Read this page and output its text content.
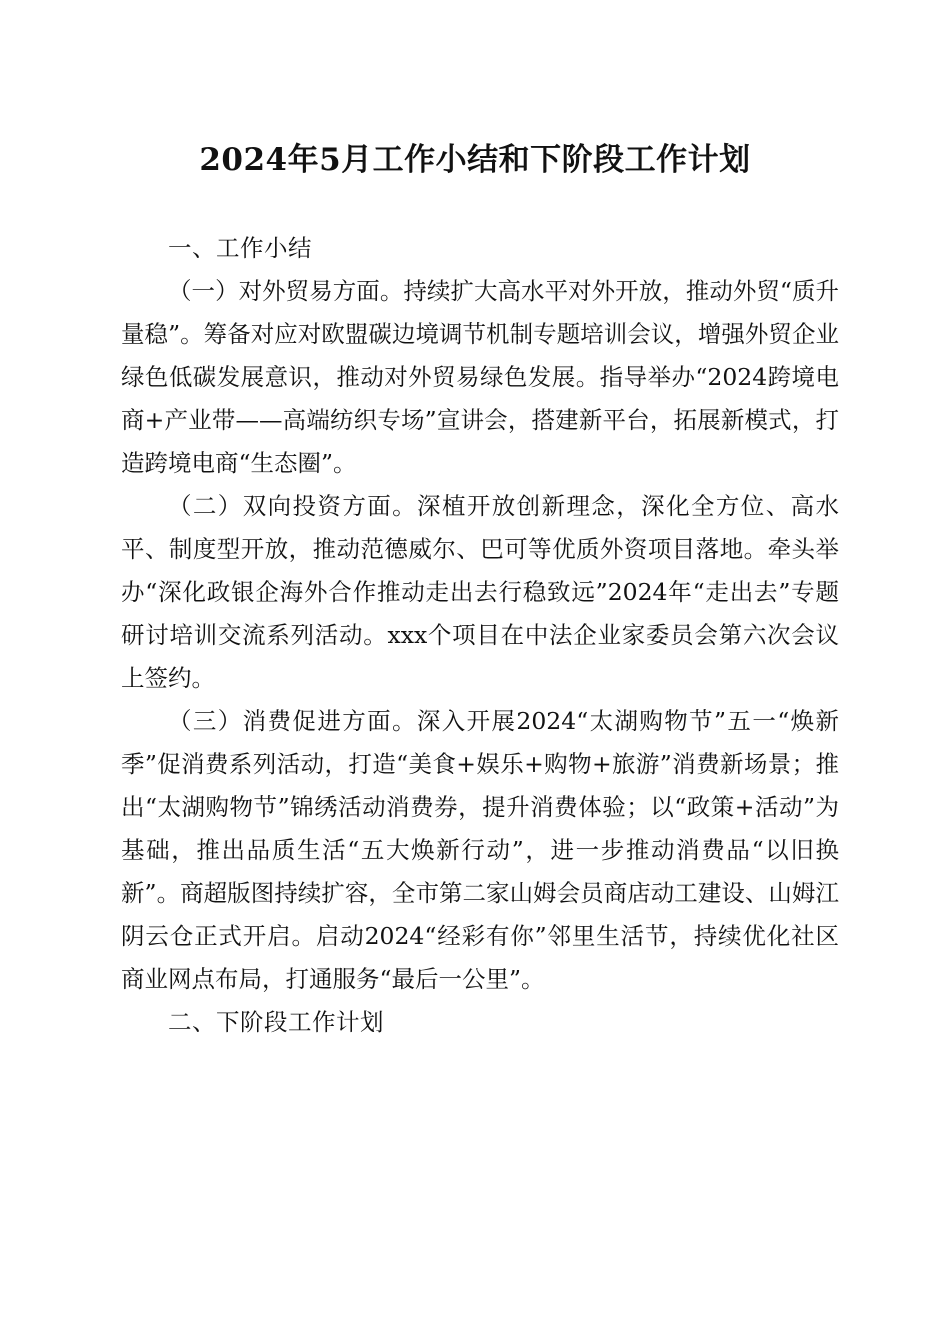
2024年5月工作小结和下阶段工作计划

一、工作小结

（一）对外贸易方面。持续扩大高水平对外开放，推动外贸“质升量稳”。筹备对应对欧盟碳边境调节机制专题培训会议，增强外贸企业绿色低碳发展意识，推动对外贸易绿色发展。指导举办“2024跨境电商+产业带——高端纺织专场”宣讲会，搭建新平台，拓展新模式，打造跨境电商“生态圈”。

（二）双向投资方面。深植开放创新理念，深化全方位、高水平、制度型开放，推动范德威尔、巴可等优质外资项目落地。牵头举办“深化政银企海外合作推动走出去行稳致远”2024年“走出去”专题研讨培训交流系列活动。xxx个项目在中法企业家委员会第六次会议上签约。

（三）消费促进方面。深入开展2024“太湖购物节”五一“焕新季”促消费系列活动，打造“美食+娱乐+购物+旅游”消费新场景；推出“太湖购物节”锦绣活动消费券，提升消费体验；以“政策+活动”为基础，推出品质生活“五大焕新行动”，进一步推动消费品“以旧换新”。商超版图持续扩容，全市第二家山姆会员商店动工建设、山姆江阴云仓正式开启。启动2024“经彩有你”邻里生活节，持续优化社区商业网点布局，打通服务“最后一公里”。

二、下阶段工作计划
